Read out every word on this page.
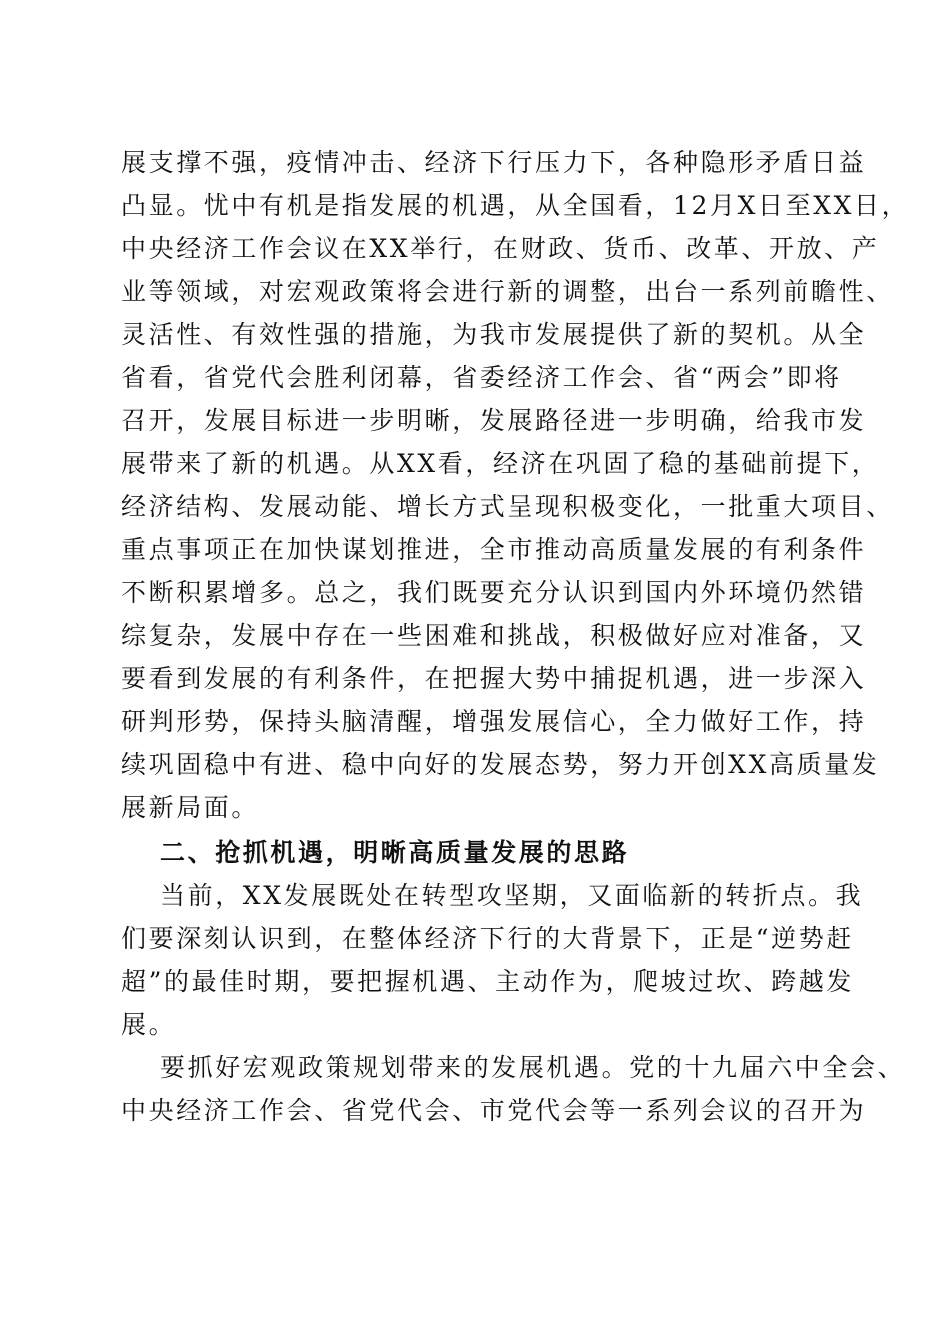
展支撑不强，疫情冲击、经济下行压力下，各种隐形矛盾日益
凸显。忧中有机是指发展的机遇，从全国看，12月X日至XX日，
中央经济工作会议在XX举行，在财政、货币、改革、开放、产
业等领域，对宏观政策将会进行新的调整，出台一系列前瞻性、
灵活性、有效性强的措施，为我市发展提供了新的契机。从全
省看，省党代会胜利闭幕，省委经济工作会、省“两会”即将
召开，发展目标进一步明晰，发展路径进一步明确，给我市发
展带来了新的机遇。从XX看，经济在巩固了稳的基础前提下，
经济结构、发展动能、增长方式呈现积极变化，一批重大项目、
重点事项正在加快谋划推进，全市推动高质量发展的有利条件
不断积累增多。总之，我们既要充分认识到国内外环境仍然错
综复杂，发展中存在一些困难和挑战，积极做好应对准备，又
要看到发展的有利条件，在把握大势中捕捉机遇，进一步深入
研判形势，保持头脑清醒，增强发展信心，全力做好工作，持
续巩固稳中有进、稳中向好的发展态势，努力开创XX高质量发
展新局面。
二、抢抓机遇，明晰高质量发展的思路
当前，XX发展既处在转型攻坚期，又面临新的转折点。我
们要深刻认识到，在整体经济下行的大背景下，正是“逆势赶
超”的最佳时期，要把握机遇、主动作为，爬坡过坎、跨越发
展。
要抓好宏观政策规划带来的发展机遇。党的十九届六中全会、
中央经济工作会、省党代会、市党代会等一系列会议的召开为
